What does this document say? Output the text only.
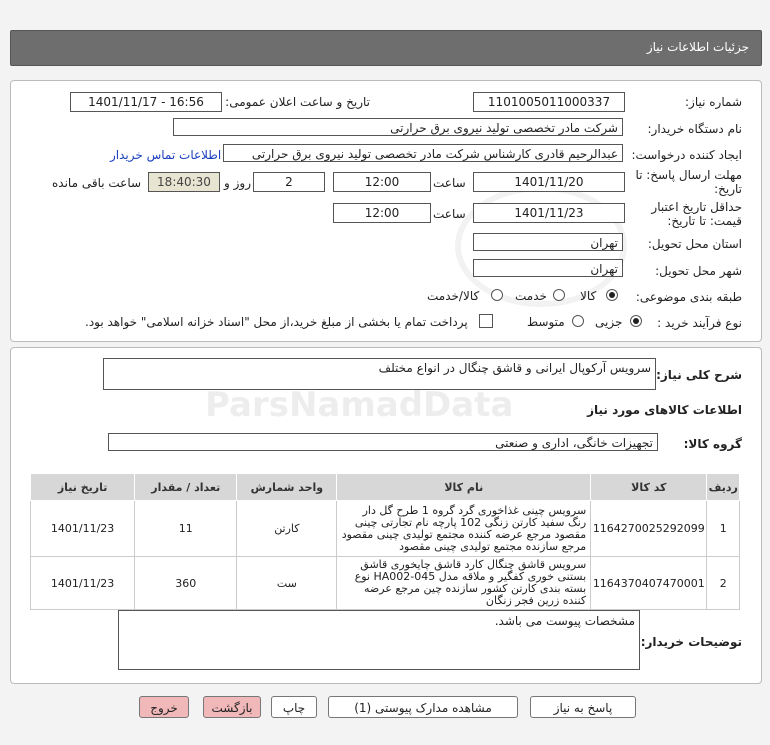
جزئیات اطلاعات نیاز
شماره نیاز:
1101005011000337
تاریخ و ساعت اعلان عمومی:
1401/11/17 - 16:56
نام دستگاه خریدار:
شرکت مادر تخصصی تولید نیروی برق حرارتی
ایجاد کننده درخواست:
عبدالرحیم قادری کارشناس شرکت مادر تخصصی تولید نیروی برق حرارتی
اطلاعات تماس خریدار
مهلت ارسال پاسخ: تا
تاریخ:
1401/11/20
ساعت
12:00
2
روز و
18:40:30
ساعت باقی مانده
حداقل تاریخ اعتبار
قیمت: تا تاریخ:
1401/11/23
ساعت
12:00
استان محل تحویل:
تهران
شهر محل تحویل:
تهران
طبقه بندی موضوعی:
کالا
خدمت
کالا/خدمت
نوع فرآیند خرید :
جزیی
متوسط
پرداخت تمام یا بخشی از مبلغ خرید،از محل "اسناد خزانه اسلامی" خواهد بود.
شرح کلی نیاز:
سرویس آرکوپال ایرانی و قاشق چنگال در انواع مختلف
اطلاعات کالاهای مورد نیاز
گروه کالا:
تجهیزات خانگی، اداری و صنعتی
ردیف	کد کالا	نام کالا	واحد شمارش	تعداد / مقدار	تاریخ نیاز
1	1164270025292099	سرویس چینی غذاخوری گرد گروه 1 طرح گل دار رنگ سفید کارتن زنگی 102 پارچه نام تجارتی چینی مقصود مرجع عرضه کننده مجتمع تولیدی چینی مقصود مرجع سازنده مجتمع تولیدی چینی مقصود	کارتن	11	1401/11/23
2	1164370407470001	سرویس قاشق چنگال کارد قاشق چایخوری قاشق بستنی خوری کفگیر و ملاقه مدل HA002-045 نوع بسته بندی کارتن کشور سازنده چین مرجع عرضه کننده زرین فجر زنگان	ست	360	1401/11/23
توضیحات خریدار:
مشخصات پیوست می باشد.
پاسخ به نیاز
مشاهده مدارک پیوستی (1)
چاپ
بازگشت
خروج
